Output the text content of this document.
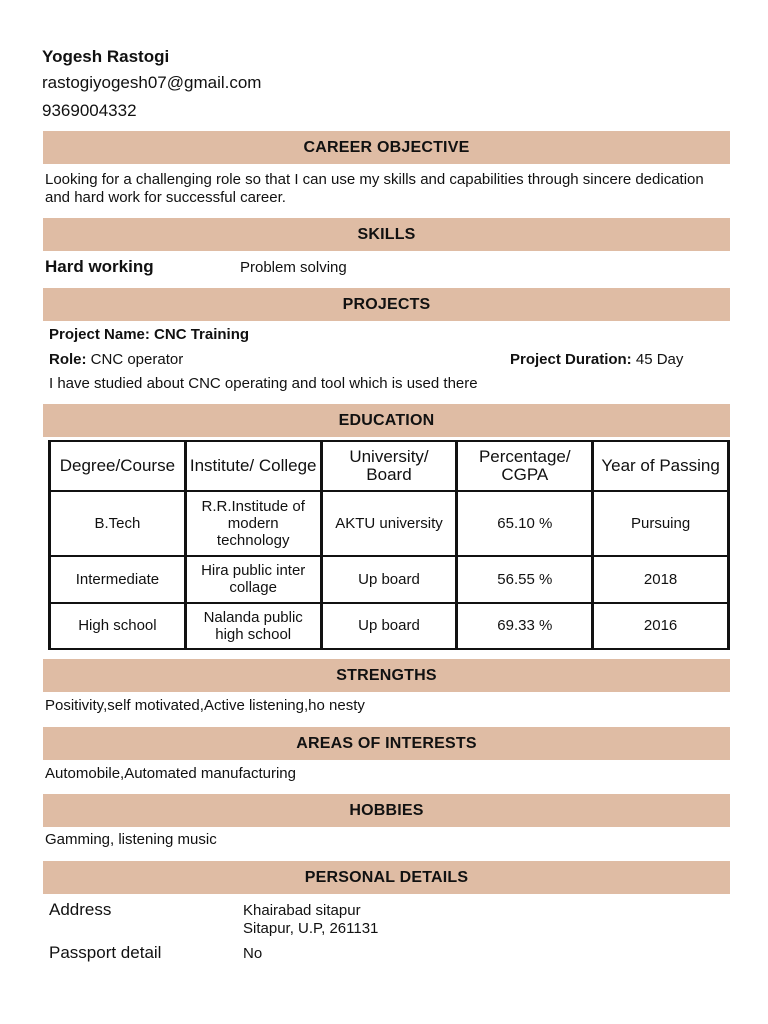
Yogesh Rastogi
rastogiyogesh07@gmail.com
9369004332
CAREER OBJECTIVE
Looking for a challenging role so that I can use my skills and capabilities through sincere dedication and hard work for successful career.
SKILLS
Hard working	Problem solving
PROJECTS
Project Name: CNC Training
Role: CNC operator	Project Duration: 45 Day
I have studied about CNC operating and tool which is used there
EDUCATION
Degree/Course	Institute/ College	University/ Board	Percentage/ CGPA	Year of Passing
B.Tech	R.R.Institude of modern technology	AKTU university	65.10 %	Pursuing
Intermediate	Hira public inter collage	Up board	56.55 %	2018
High school	Nalanda public high school	Up board	69.33 %	2016
STRENGTHS
Positivity,self motivated,Active listening,ho nesty
AREAS OF INTERESTS
Automobile,Automated manufacturing
HOBBIES
Gamming, listening music
PERSONAL DETAILS
Address	Khairabad sitapur
Sitapur, U.P, 261131
Passport detail	No
